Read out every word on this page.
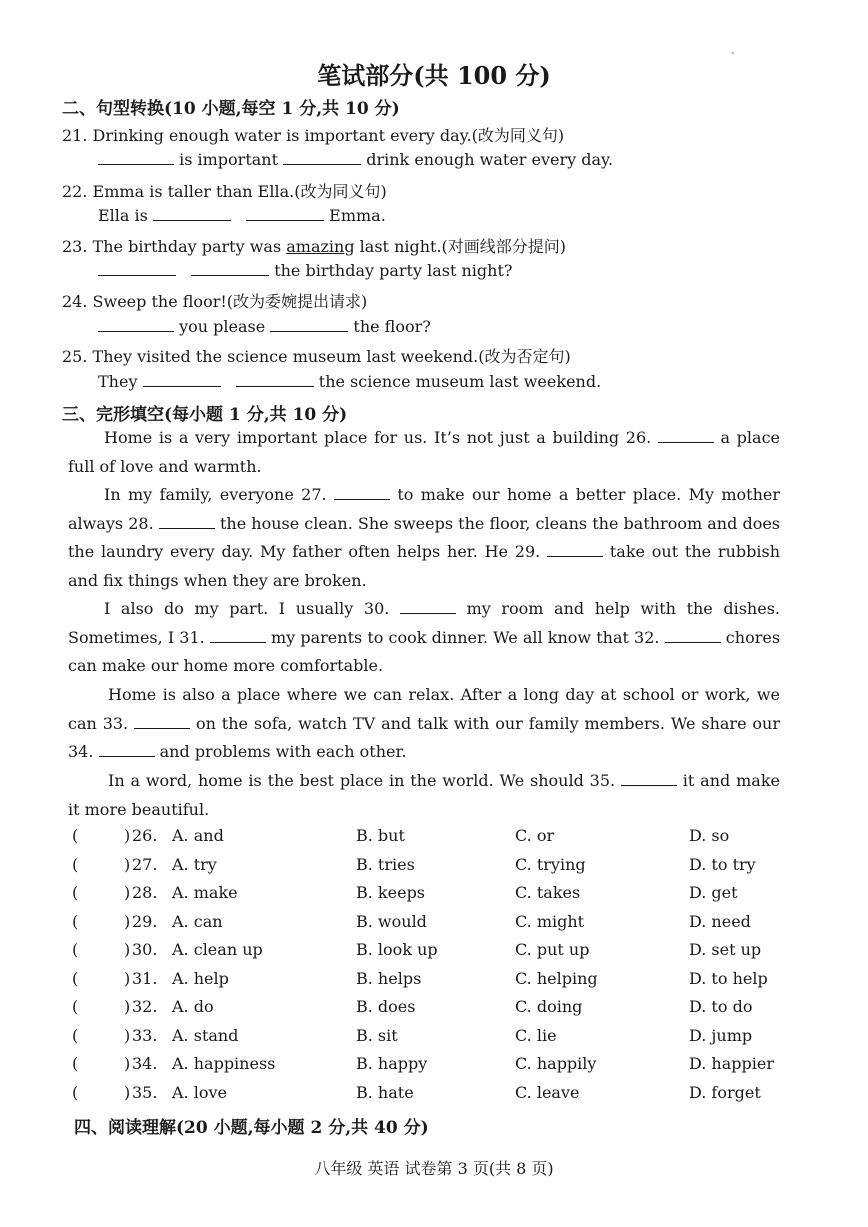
笔试部分(共 100 分)
二、句型转换(10 小题,每空 1 分,共 10 分)
21. Drinking enough water is important every day.(改为同义句)
is important	drink enough water every day.
22. Emma is taller than Ella.(改为同义句)
Ella is	Emma.
23. The birthday party was amazing last night.(对画线部分提问)
the birthday party last night?
24. Sweep the floor!(改为委婉提出请求)
you please	the floor?
25. They visited the science museum last weekend.(改为否定句)
They	the science museum last weekend.
三、完形填空(每小题 1 分,共 10 分)
Home is a very important place for us. It’s not just a building 26.	a place full of love and warmth.
In my family, everyone 27.	to make our home a better place. My mother always 28.	the house clean. She sweeps the floor, cleans the bathroom and does the laundry every day. My father often helps her. He 29.	take out the rubbish and fix things when they are broken.
I also do my part. I usually 30.	my room and help with the dishes. Sometimes, I 31.	my parents to cook dinner. We all know that 32.	chores can make our home more comfortable.
Home is also a place where we can relax. After a long day at school or work, we can 33.	on the sofa, watch TV and talk with our family members. We share our 34.	and problems with each other.
In a word, home is the best place in the world. We should 35.	it and make it more beautiful.
(	) 26. A. and	B. but	C. or	D. so
(	) 27. A. try	B. tries	C. trying	D. to try
(	) 28. A. make	B. keeps	C. takes	D. get
(	) 29. A. can	B. would	C. might	D. need
(	) 30. A. clean up	B. look up	C. put up	D. set up
(	) 31. A. help	B. helps	C. helping	D. to help
(	) 32. A. do	B. does	C. doing	D. to do
(	) 33. A. stand	B. sit	C. lie	D. jump
(	) 34. A. happiness	B. happy	C. happily	D. happier
(	) 35. A. love	B. hate	C. leave	D. forget
四、阅读理解(20 小题,每小题 2 分,共 40 分)
八年级 英语 试卷第 3 页(共 8 页)
